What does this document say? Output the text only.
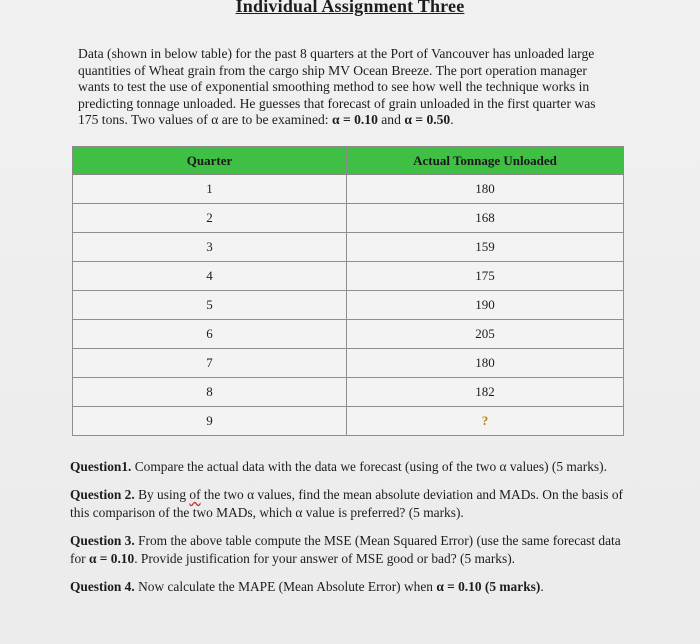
Individual Assignment Three
Data (shown in below table) for the past 8 quarters at the Port of Vancouver has unloaded large quantities of Wheat grain from the cargo ship MV Ocean Breeze. The port operation manager wants to test the use of exponential smoothing method to see how well the technique works in predicting tonnage unloaded. He guesses that forecast of grain unloaded in the first quarter was 175 tons. Two values of α are to be examined: α = 0.10 and α = 0.50.
Quarter	Actual Tonnage Unloaded
1	180
2	168
3	159
4	175
5	190
6	205
7	180
8	182
9	?

Question1. Compare the actual data with the data we forecast (using of the two α values) (5 marks).

Question 2. By using of the two α values, find the mean absolute deviation and MADs. On the basis of this comparison of the two MADs, which α value is preferred? (5 marks).

Question 3. From the above table compute the MSE (Mean Squared Error) (use the same forecast data for α = 0.10. Provide justification for your answer of MSE good or bad? (5 marks).

Question 4. Now calculate the MAPE (Mean Absolute Error) when α = 0.10 (5 marks).
